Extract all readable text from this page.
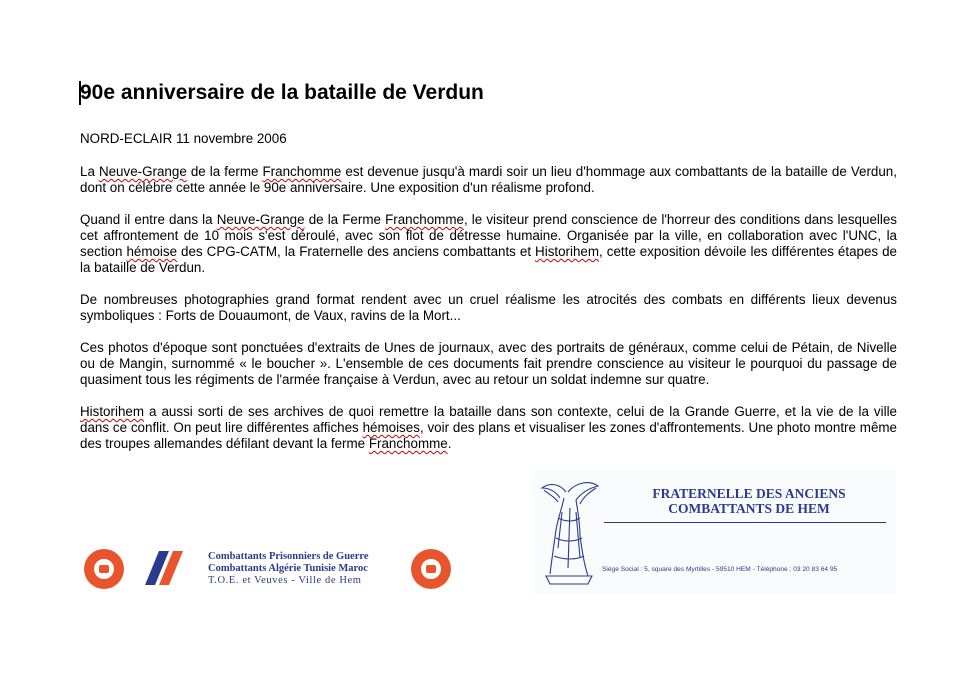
90e anniversaire de la bataille de Verdun

NORD-ECLAIR 11 novembre 2006

La Neuve-Grange de la ferme Franchomme est devenue jusqu'à mardi soir un lieu d'hommage aux combattants de la bataille de Verdun, dont on célèbre cette année le 90e anniversaire. Une exposition d'un réalisme profond.

Quand il entre dans la Neuve-Grange de la Ferme Franchomme, le visiteur prend conscience de l'horreur des conditions dans lesquelles cet affrontement de 10 mois s'est déroulé, avec son flot de détresse humaine. Organisée par la ville, en collaboration avec l'UNC, la section hémoise des CPG-CATM, la Fraternelle des anciens combattants et Historihem, cette exposition dévoile les différentes étapes de la bataille de Verdun.

De nombreuses photographies grand format rendent avec un cruel réalisme les atrocités des combats en différents lieux devenus symboliques : Forts de Douaumont, de Vaux, ravins de la Mort...

Ces photos d'époque sont ponctuées d'extraits de Unes de journaux, avec des portraits de généraux, comme celui de Pétain, de Nivelle ou de Mangin, surnommé « le boucher ». L'ensemble de ces documents fait prendre conscience au visiteur le pourquoi du passage de quasiment tous les régiments de l'armée française à Verdun, avec au retour un soldat indemne sur quatre.

Historihem a aussi sorti de ses archives de quoi remettre la bataille dans son contexte, celui de la Grande Guerre, et la vie de la ville dans ce conflit. On peut lire différentes affiches hémoises, voir des plans et visualiser les zones d'affrontements. Une photo montre même des troupes allemandes défilant devant la ferme Franchomme.

Combattants Prisonniers de Guerre
Combattants Algérie Tunisie Maroc
T.O.E. et Veuves - Ville de Hem
FRATERNELLE DES ANCIENS
COMBATTANTS DE HEM
Siège Social : 5, square des Myrtilles - 59510 HEM - Téléphone : 03 20 83 64 95
